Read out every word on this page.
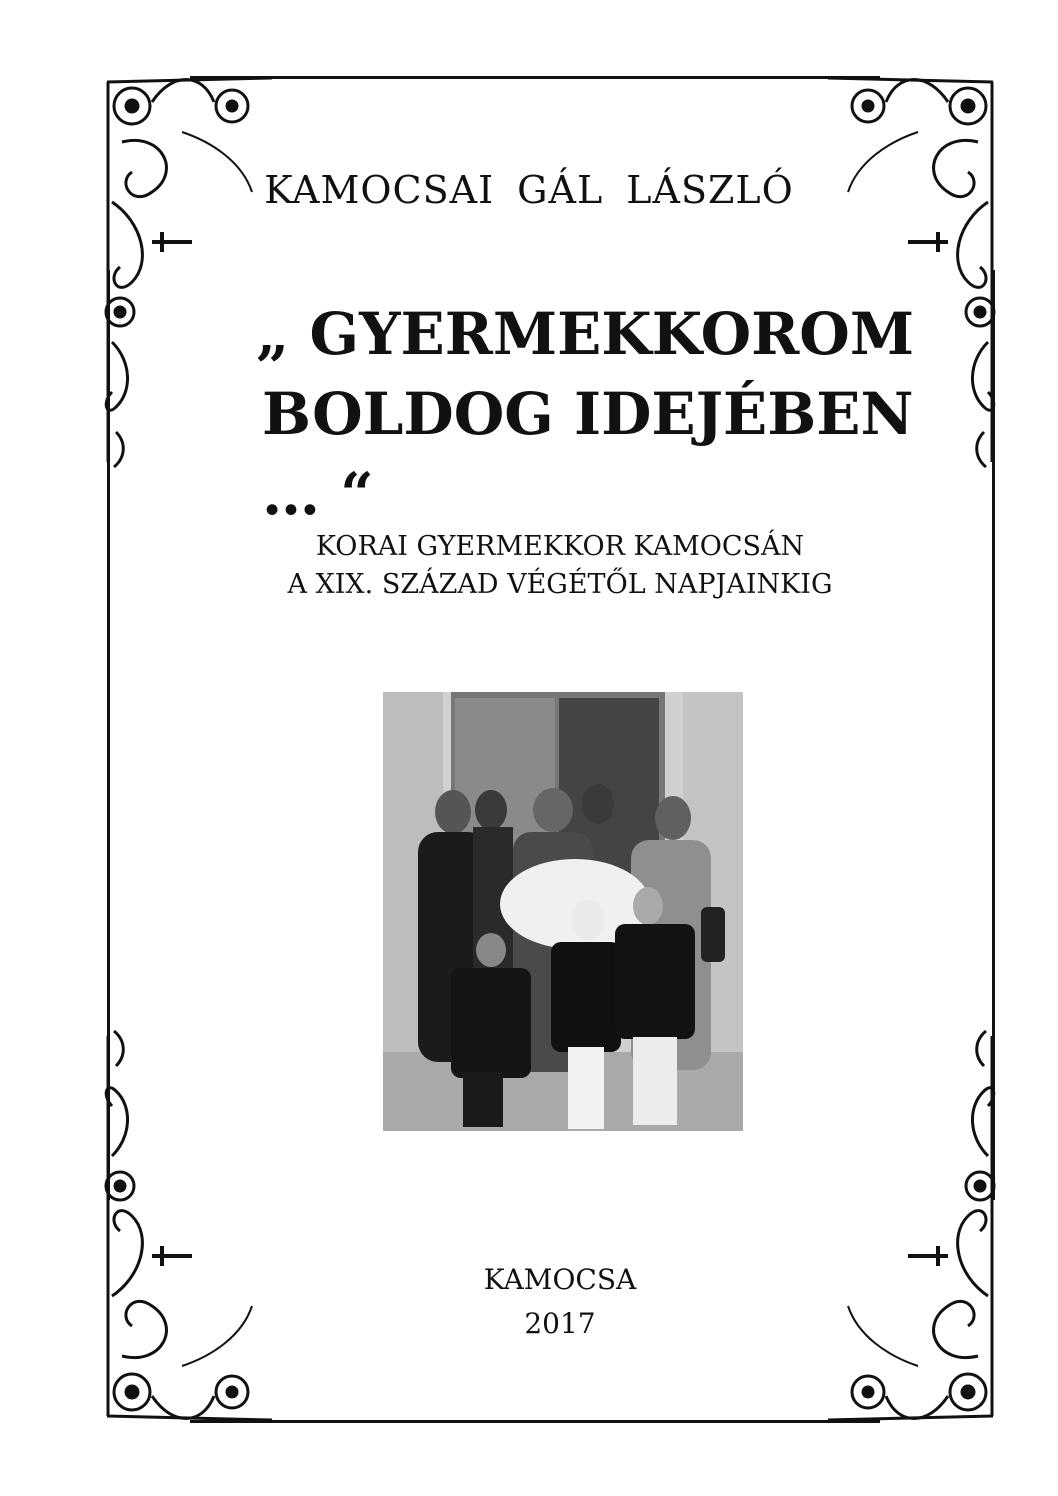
KAMOCSAI GÁL LÁSZLÓ
„ GYERMEKKOROM
BOLDOG IDEJÉBEN … “
KORAI GYERMEKKOR KAMOCSÁN
A XIX. SZÁZAD VÉGÉTŐL NAPJAINKIG
KAMOCSA
2017
